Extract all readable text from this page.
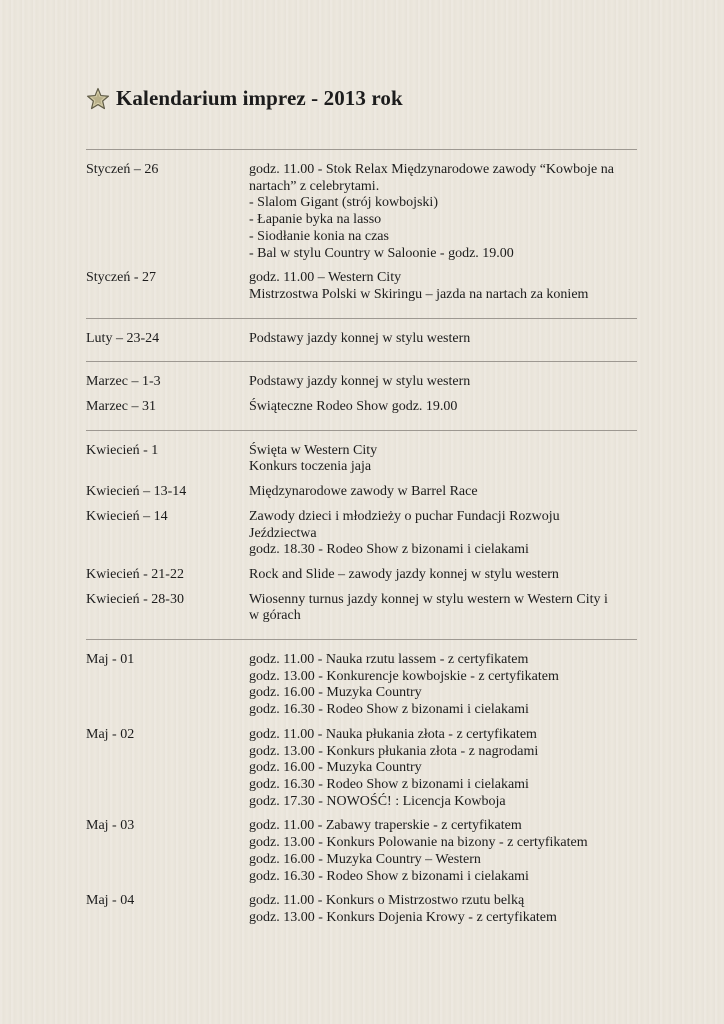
Kalendarium imprez - 2013 rok
Styczeń – 26	godz. 11.00 - Stok Relax Międzynarodowe zawody “Kowboje na
nartach” z celebrytami.
- Slalom Gigant (strój kowbojski)
- Łapanie byka na lasso
- Siodłanie konia na czas
- Bal w stylu Country w Saloonie - godz. 19.00
Styczeń - 27	godz. 11.00 – Western City
Mistrzostwa Polski w Skiringu – jazda na nartach za koniem
Luty – 23-24	Podstawy jazdy konnej w stylu western
Marzec – 1-3	Podstawy jazdy konnej w stylu western
Marzec – 31	Świąteczne Rodeo Show godz. 19.00
Kwiecień - 1	Święta w Western City
Konkurs toczenia jaja
Kwiecień – 13-14	Międzynarodowe zawody w Barrel Race
Kwiecień – 14	Zawody dzieci i młodzieży o puchar Fundacji Rozwoju
Jeździectwa
godz. 18.30 - Rodeo Show z bizonami i cielakami
Kwiecień - 21-22	Rock and Slide – zawody jazdy konnej w stylu western
Kwiecień - 28-30	Wiosenny turnus jazdy konnej w stylu western w Western City i
w górach
Maj - 01	godz. 11.00 - Nauka rzutu lassem - z certyfikatem
godz. 13.00 - Konkurencje kowbojskie - z certyfikatem
godz. 16.00 - Muzyka Country
godz. 16.30 - Rodeo Show z bizonami i cielakami
Maj - 02	godz. 11.00 - Nauka płukania złota - z certyfikatem
godz. 13.00 - Konkurs płukania złota - z nagrodami
godz. 16.00 - Muzyka Country
godz. 16.30 - Rodeo Show z bizonami i cielakami
godz. 17.30 - NOWOŚĆ! : Licencja Kowboja
Maj - 03	godz. 11.00 - Zabawy traperskie - z certyfikatem
godz. 13.00 - Konkurs Polowanie na bizony - z certyfikatem
godz. 16.00 - Muzyka Country – Western
godz. 16.30 - Rodeo Show z bizonami i cielakami
Maj - 04	godz. 11.00 - Konkurs o Mistrzostwo rzutu belką
godz. 13.00 - Konkurs Dojenia Krowy - z certyfikatem
